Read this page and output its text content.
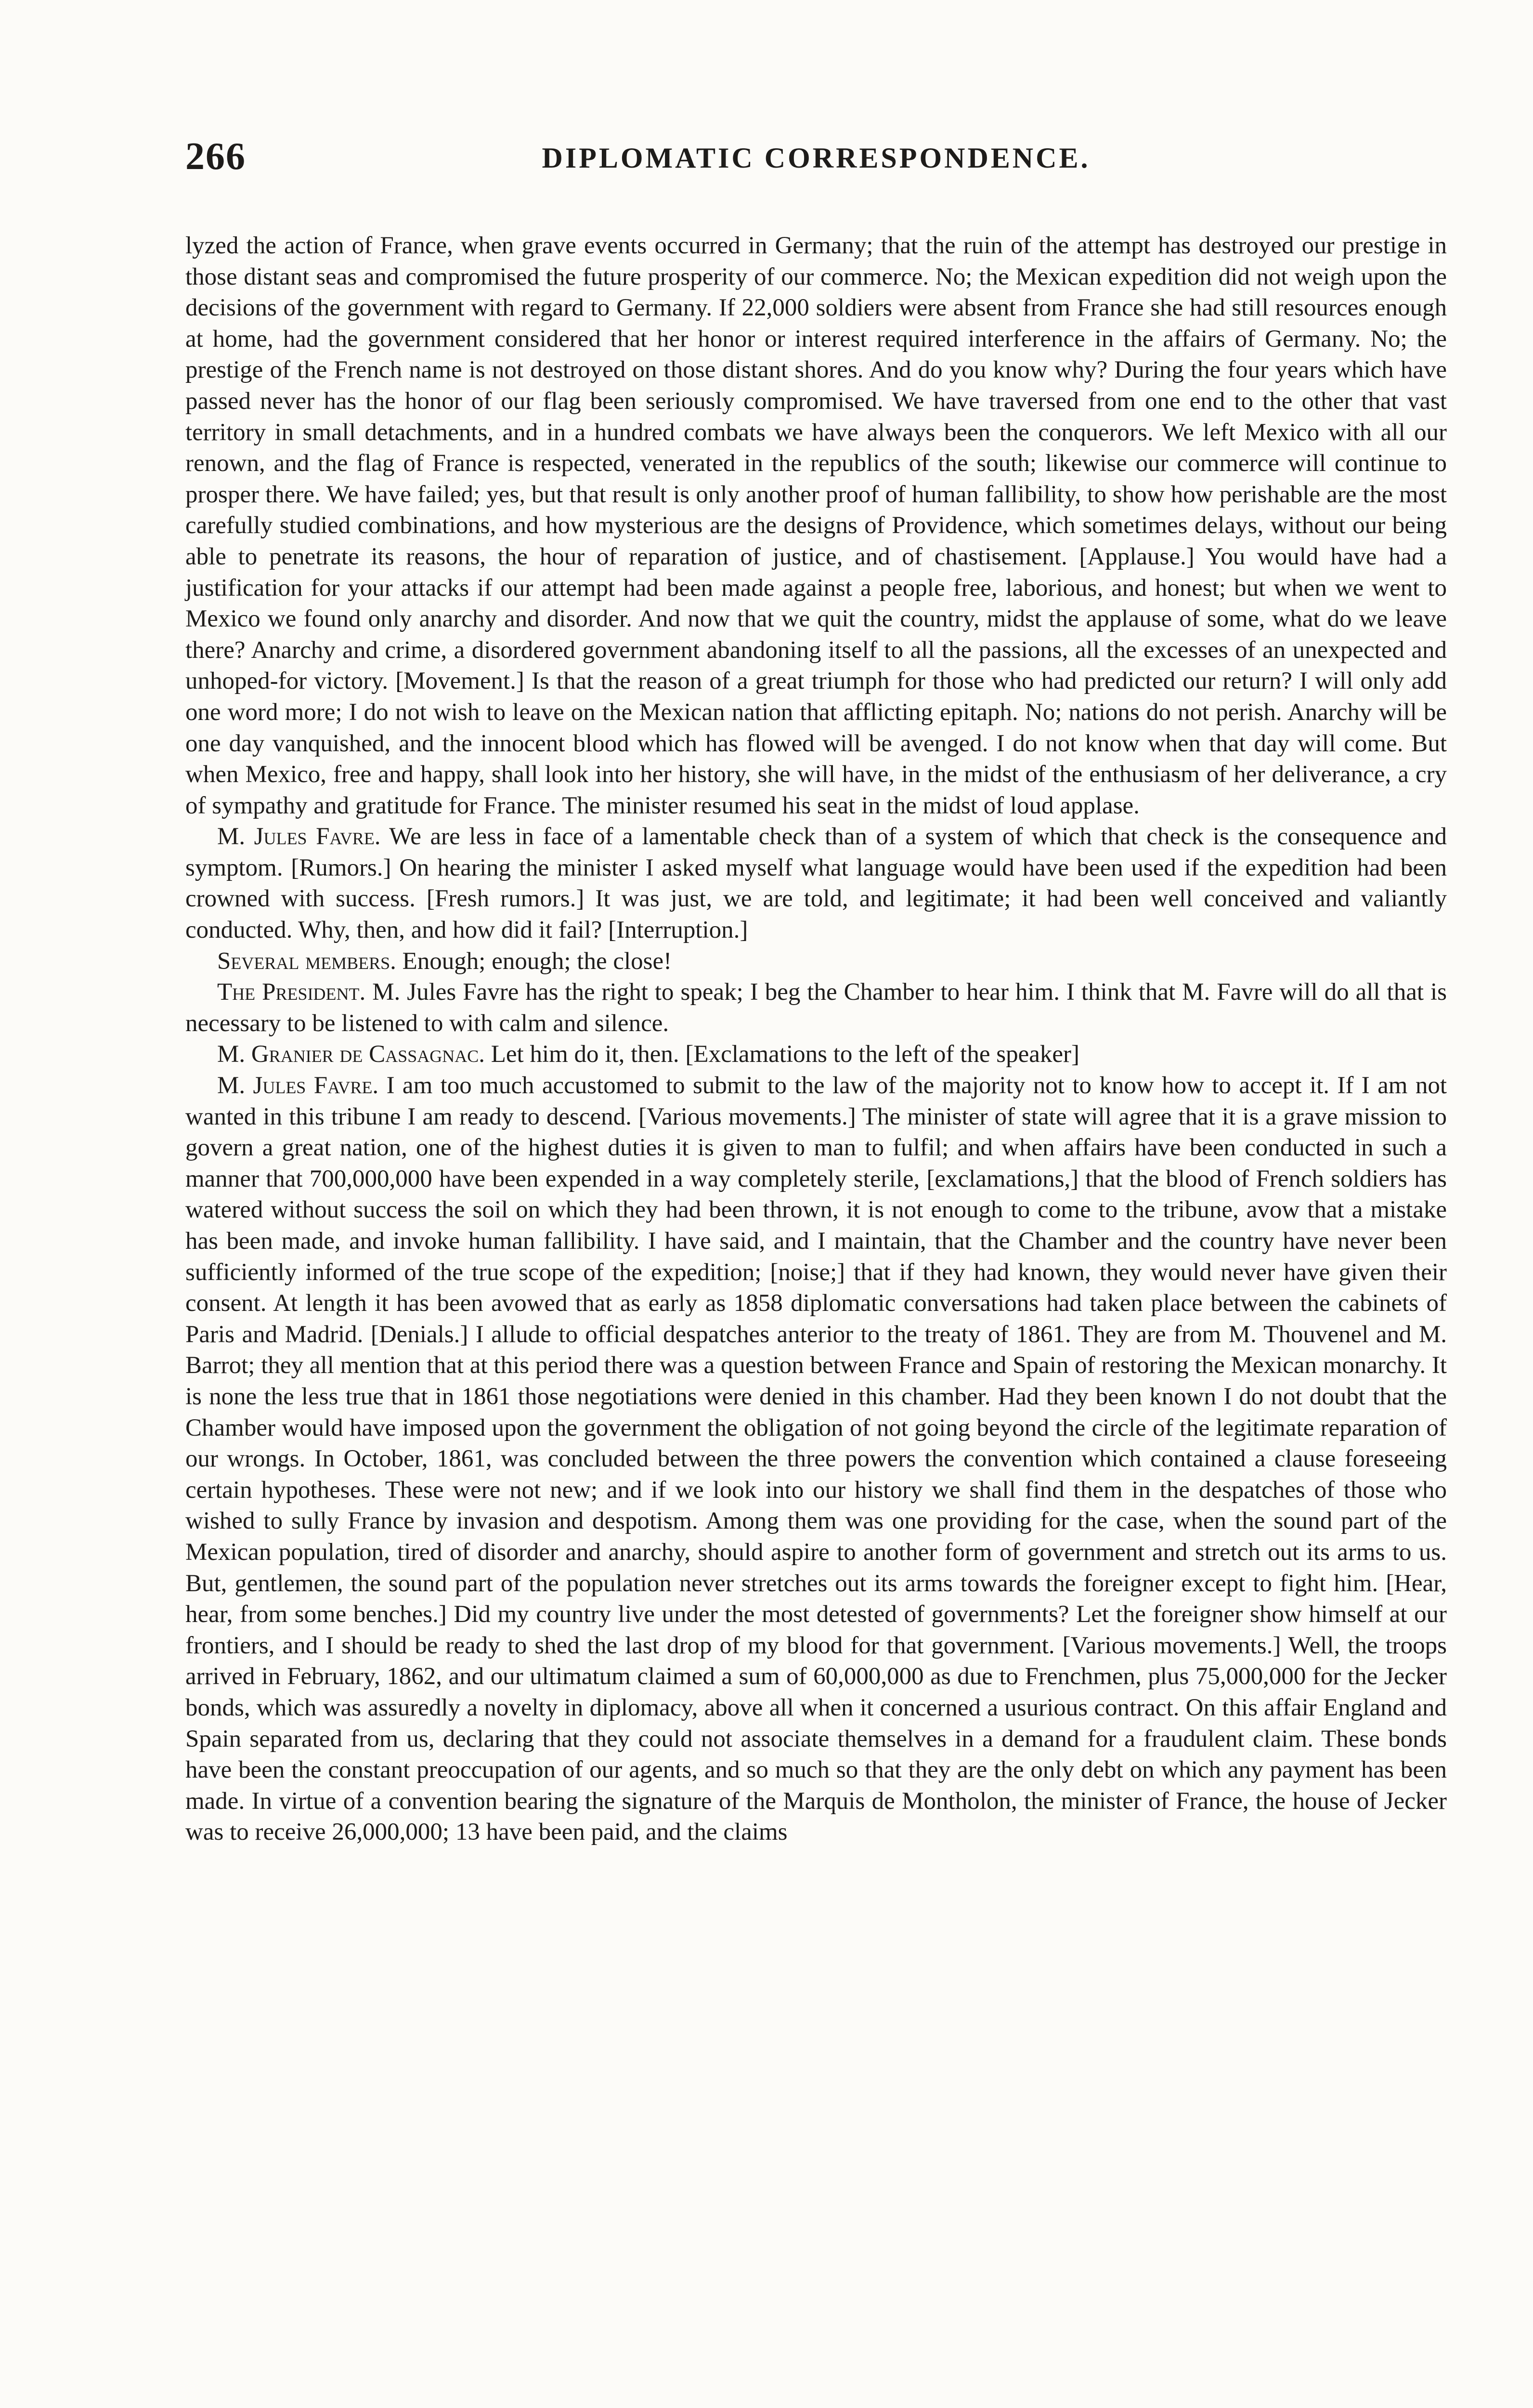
266	DIPLOMATIC CORRESPONDENCE.

lyzed the action of France, when grave events occurred in Germany; that the ruin of the attempt has destroyed our prestige in those distant seas and compromised the future prosperity of our commerce. No; the Mexican expedition did not weigh upon the decisions of the government with regard to Germany. If 22,000 soldiers were absent from France she had still resources enough at home, had the government considered that her honor or interest required interference in the affairs of Germany. No; the prestige of the French name is not destroyed on those distant shores. And do you know why? During the four years which have passed never has the honor of our flag been seriously compromised. We have traversed from one end to the other that vast territory in small detachments, and in a hundred combats we have always been the conquerors. We left Mexico with all our renown, and the flag of France is respected, venerated in the republics of the south; likewise our commerce will continue to prosper there. We have failed; yes, but that result is only another proof of human fallibility, to show how perishable are the most carefully studied combinations, and how mysterious are the designs of Providence, which sometimes delays, without our being able to penetrate its reasons, the hour of reparation of justice, and of chastisement. [Applause.] You would have had a justification for your attacks if our attempt had been made against a people free, laborious, and honest; but when we went to Mexico we found only anarchy and disorder. And now that we quit the country, midst the applause of some, what do we leave there? Anarchy and crime, a disordered government abandoning itself to all the passions, all the excesses of an unexpected and unhoped-for victory. [Movement.] Is that the reason of a great triumph for those who had predicted our return? I will only add one word more; I do not wish to leave on the Mexican nation that afflicting epitaph. No; nations do not perish. Anarchy will be one day vanquished, and the innocent blood which has flowed will be avenged. I do not know when that day will come. But when Mexico, free and happy, shall look into her history, she will have, in the midst of the enthusiasm of her deliverance, a cry of sympathy and gratitude for France. The minister resumed his seat in the midst of loud applase.

M. Jules Favre. We are less in face of a lamentable check than of a system of which that check is the consequence and symptom. [Rumors.] On hearing the minister I asked myself what language would have been used if the expedition had been crowned with success. [Fresh rumors.] It was just, we are told, and legitimate; it had been well conceived and valiantly conducted. Why, then, and how did it fail? [Interruption.]

Several members. Enough; enough; the close!

The President. M. Jules Favre has the right to speak; I beg the Chamber to hear him. I think that M. Favre will do all that is necessary to be listened to with calm and silence.

M. Granier de Cassagnac. Let him do it, then. [Exclamations to the left of the speaker]

M. Jules Favre. I am too much accustomed to submit to the law of the majority not to know how to accept it. If I am not wanted in this tribune I am ready to descend. [Various movements.] The minister of state will agree that it is a grave mission to govern a great nation, one of the highest duties it is given to man to fulfil; and when affairs have been conducted in such a manner that 700,000,000 have been expended in a way completely sterile, [exclamations,] that the blood of French soldiers has watered without success the soil on which they had been thrown, it is not enough to come to the tribune, avow that a mistake has been made, and invoke human fallibility. I have said, and I maintain, that the Chamber and the country have never been sufficiently informed of the true scope of the expedition; [noise;] that if they had known, they would never have given their consent. At length it has been avowed that as early as 1858 diplomatic conversations had taken place between the cabinets of Paris and Madrid. [Denials.] I allude to official despatches anterior to the treaty of 1861. They are from M. Thouvenel and M. Barrot; they all mention that at this period there was a question between France and Spain of restoring the Mexican monarchy. It is none the less true that in 1861 those negotiations were denied in this chamber. Had they been known I do not doubt that the Chamber would have imposed upon the government the obligation of not going beyond the circle of the legitimate reparation of our wrongs. In October, 1861, was concluded between the three powers the convention which contained a clause foreseeing certain hypotheses. These were not new; and if we look into our history we shall find them in the despatches of those who wished to sully France by invasion and despotism. Among them was one providing for the case, when the sound part of the Mexican population, tired of disorder and anarchy, should aspire to another form of government and stretch out its arms to us. But, gentlemen, the sound part of the population never stretches out its arms towards the foreigner except to fight him. [Hear, hear, from some benches.] Did my country live under the most detested of governments? Let the foreigner show himself at our frontiers, and I should be ready to shed the last drop of my blood for that government. [Various movements.] Well, the troops arrived in February, 1862, and our ultimatum claimed a sum of 60,000,000 as due to Frenchmen, plus 75,000,000 for the Jecker bonds, which was assuredly a novelty in diplomacy, above all when it concerned a usurious contract. On this affair England and Spain separated from us, declaring that they could not associate themselves in a demand for a fraudulent claim. These bonds have been the constant preoccupation of our agents, and so much so that they are the only debt on which any payment has been made. In virtue of a convention bearing the signature of the Marquis de Montholon, the minister of France, the house of Jecker was to receive 26,000,000; 13 have been paid, and the claims
